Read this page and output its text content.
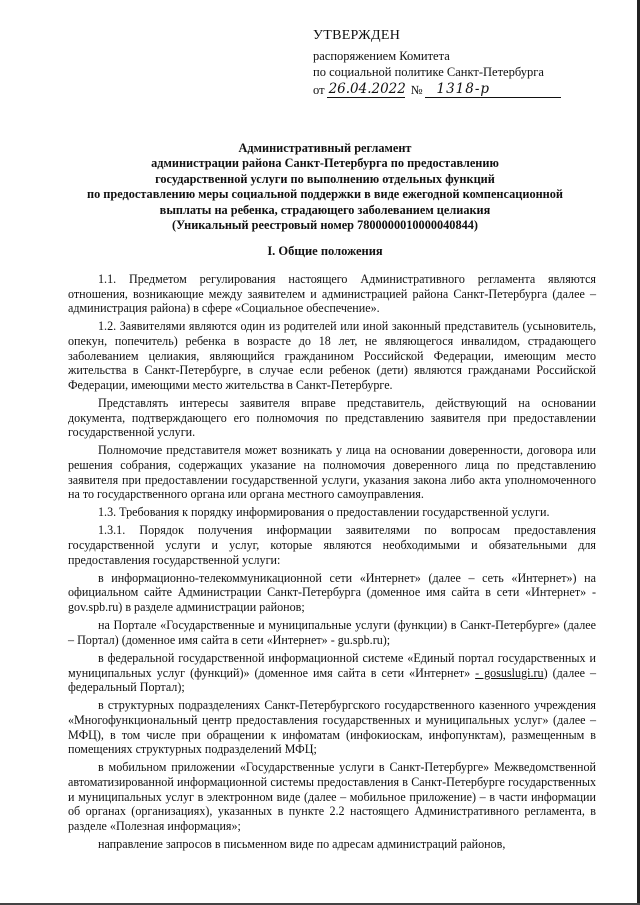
УТВЕРЖДЕН
распоряжением Комитета
по социальной политике Санкт-Петербурга
от 26.04.2022 №	1318-р
Административный регламент
администрации района Санкт-Петербурга по предоставлению
государственной услуги по выполнению отдельных функций
по предоставлению меры социальной поддержки в виде ежегодной компенсационной
выплаты на ребенка, страдающего заболеванием целиакия
(Уникальный реестровый номер 7800000010000040844)
I. Общие положения

1.1. Предметом регулирования настоящего Административного регламента являются отношения, возникающие между заявителем и администрацией района Санкт-Петербурга (далее – администрация района) в сфере «Социальное обеспечение».

1.2. Заявителями являются один из родителей или иной законный представитель (усыновитель, опекун, попечитель) ребенка в возрасте до 18 лет, не являющегося инвалидом, страдающего заболеванием целиакия, являющийся гражданином Российской Федерации, имеющим место жительства в Санкт-Петербурге, в случае если ребенок (дети) являются гражданами Российской Федерации, имеющими место жительства в Санкт-Петербурге.

Представлять интересы заявителя вправе представитель, действующий на основании документа, подтверждающего его полномочия по представлению заявителя при предоставлении государственной услуги.

Полномочие представителя может возникать у лица на основании доверенности, договора или решения собрания, содержащих указание на полномочия доверенного лица по представлению заявителя при предоставлении государственной услуги, указания закона либо акта уполномоченного на то государственного органа или органа местного самоуправления.

1.3. Требования к порядку информирования о предоставлении государственной услуги.

1.3.1. Порядок получения информации заявителями по вопросам предоставления государственной услуги и услуг, которые являются необходимыми и обязательными для предоставления государственной услуги:

в информационно-телекоммуникационной сети «Интернет» (далее – сеть «Интернет») на официальном сайте Администрации Санкт-Петербурга (доменное имя сайта в сети «Интернет» - gov.spb.ru) в разделе администрации районов;

на Портале «Государственные и муниципальные услуги (функции) в Санкт-Петербурге» (далее – Портал) (доменное имя сайта в сети «Интернет» - gu.spb.ru);

в федеральной государственной информационной системе «Единый портал государственных и муниципальных услуг (функций)» (доменное имя сайта в сети «Интернет» - gosuslugi.ru) (далее – федеральный Портал);

в структурных подразделениях Санкт-Петербургского государственного казенного учреждения «Многофункциональный центр предоставления государственных и муниципальных услуг» (далее – МФЦ), в том числе при обращении к инфоматам (инфокиоскам, инфопунктам), размещенным в помещениях структурных подразделений МФЦ;

в мобильном приложении «Государственные услуги в Санкт-Петербурге» Межведомственной автоматизированной информационной системы предоставления в Санкт-Петербурге государственных и муниципальных услуг в электронном виде (далее – мобильное приложение) – в части информации об органах (организациях), указанных в пункте 2.2 настоящего Административного регламента, в разделе «Полезная информация»;

направление запросов в письменном виде по адресам администраций районов,
